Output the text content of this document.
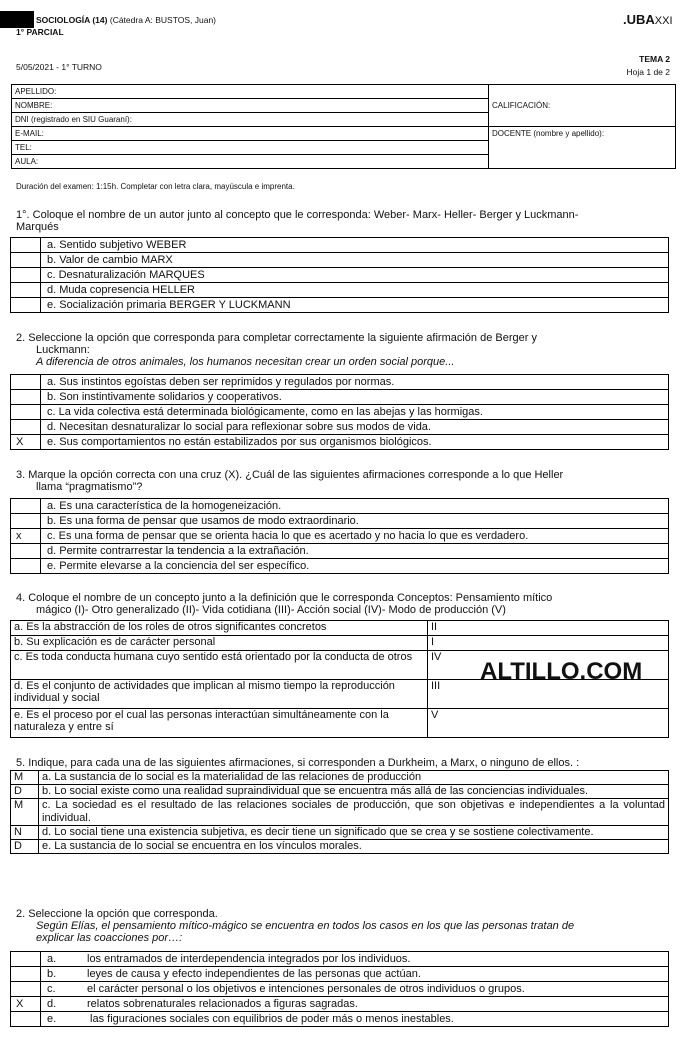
SOCIOLOGÍA (14) (Cátedra A: BUSTOS, Juan)
1° PARCIAL
.UBAXXI
5/05/2021 - 1° TURNO
TEMA 2
Hoja 1 de 2
APELLIDO:	CALIFICACIÓN:
NOMBRE:	
DNI (registrado en SIU Guaraní):	
E-MAIL:	DOCENTE (nombre y apellido):
TEL:	
AULA:	
Duración del examen: 1:15h. Completar con letra clara, mayúscula e imprenta.
1°. Coloque el nombre de un autor junto al concepto que le corresponda: Weber- Marx- Heller- Berger y Luckmann-
Marqués
	a. Sentido subjetivo WEBER
	b. Valor de cambio MARX
	c. Desnaturalización MARQUES
	d. Muda copresencia HELLER
	e. Socialización primaria BERGER Y LUCKMANN
2. Seleccione la opción que corresponda para completar correctamente la siguiente afirmación de Berger y
Luckmann:
A diferencia de otros animales, los humanos necesitan crear un orden social porque...
	a. Sus instintos egoístas deben ser reprimidos y regulados por normas.
	b. Son instintivamente solidarios y cooperativos.
	c. La vida colectiva está determinada biológicamente, como en las abejas y las hormigas.
	d. Necesitan desnaturalizar lo social para reflexionar sobre sus modos de vida.
X	e. Sus comportamientos no están estabilizados por sus organismos biológicos.
3. Marque la opción correcta con una cruz (X). ¿Cuál de las siguientes afirmaciones corresponde a lo que Heller
llama “pragmatismo”?
	a. Es una característica de la homogeneización.
	b. Es una forma de pensar que usamos de modo extraordinario.
x	c. Es una forma de pensar que se orienta hacia lo que es acertado y no hacia lo que es verdadero.
	d. Permite contrarrestar la tendencia a la extrañación.
	e. Permite elevarse a la conciencia del ser específico.
4. Coloque el nombre de un concepto junto a la definición que le corresponda Conceptos: Pensamiento mítico
mágico (I)- Otro generalizado (II)- Vida cotidiana (III)- Acción social (IV)- Modo de producción (V)
a. Es la abstracción de los roles de otros significantes concretos	II
b. Su explicación es de carácter personal	I
c. Es toda conducta humana cuyo sentido está orientado por la conducta de otros	IV
d. Es el conjunto de actividades que implican al mismo tiempo la reproducción individual y social	III
e. Es el proceso por el cual las personas interactúan simultáneamente con la naturaleza y entre sí	V
ALTILLO.COM
5. Indique, para cada una de las siguientes afirmaciones, si corresponden a Durkheim, a Marx, o ninguno de ellos. :
M	a. La sustancia de lo social es la materialidad de las relaciones de producción
D	b. Lo social existe como una realidad supraindividual que se encuentra más allá de las conciencias individuales.
M	c. La sociedad es el resultado de las relaciones sociales de producción, que son objetivas e independientes a la voluntad individual.
N	d. Lo social tiene una existencia subjetiva, es decir tiene un significado que se crea y se sostiene colectivamente.
D	e. La sustancia de lo social se encuentra en los vínculos morales.
2. Seleccione la opción que corresponda.
Según Elías, el pensamiento mítico-mágico se encuentra en todos los casos en los que las personas tratan de
explicar las coacciones por…:
	a. los entramados de interdependencia integrados por los individuos.
	b. leyes de causa y efecto independientes de las personas que actúan.
	c. el carácter personal o los objetivos e intenciones personales de otros individuos o grupos.
X	d. relatos sobrenaturales relacionados a figuras sagradas.
	e. las figuraciones sociales con equilibrios de poder más o menos inestables.
